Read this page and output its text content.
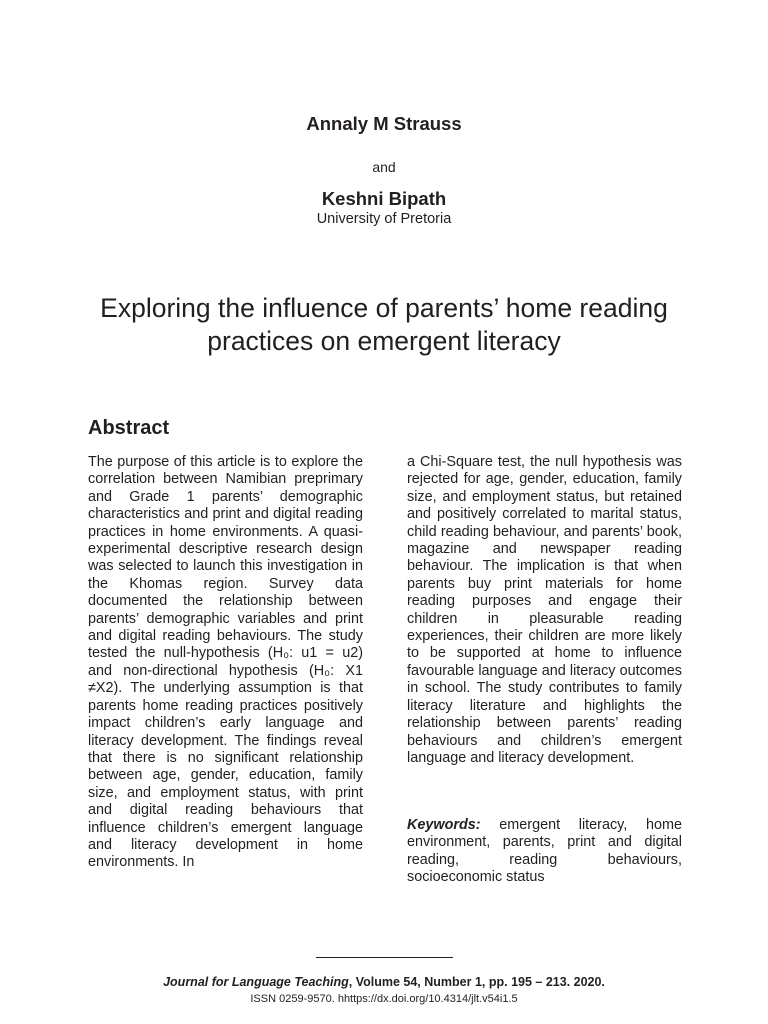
Annaly M Strauss
and
Keshni Bipath
University of Pretoria
Exploring the influence of parents’ home reading practices on emergent literacy
Abstract

The purpose of this article is to explore the correlation between Namibian preprimary and Grade 1 parents’ demographic characteristics and print and digital reading practices in home environments. A quasi-experimental descriptive research design was selected to launch this investigation in the Khomas region. Survey data documented the relationship between parents’ demographic variables and print and digital reading behaviours. The study tested the null-hypothesis (H₀: u1 = u2) and non-directional hypothesis (H₀: X1 ≠X2). The underlying assumption is that parents home reading practices positively impact children’s early language and literacy development. The findings reveal that there is no significant relationship between age, gender, education, family size, and employment status, with print and digital reading behaviours that influence children’s emergent language and literacy development in home environments. In

a Chi-Square test, the null hypothesis was rejected for age, gender, education, family size, and employment status, but retained and positively correlated to marital status, child reading behaviour, and parents’ book, magazine and newspaper reading behaviour. The implication is that when parents buy print materials for home reading purposes and engage their children in pleasurable reading experiences, their children are more likely to be supported at home to influence favourable language and literacy outcomes in school. The study contributes to family literacy literature and highlights the relationship between parents’ reading behaviours and children’s emergent language and literacy development.

Keywords: emergent literacy, home environment, parents, print and digital reading, reading behaviours, socioeconomic status

Journal for Language Teaching, Volume 54, Number 1, pp. 195 – 213. 2020.
ISSN 0259-9570. hhttps://dx.doi.org/10.4314/jlt.v54i1.5
